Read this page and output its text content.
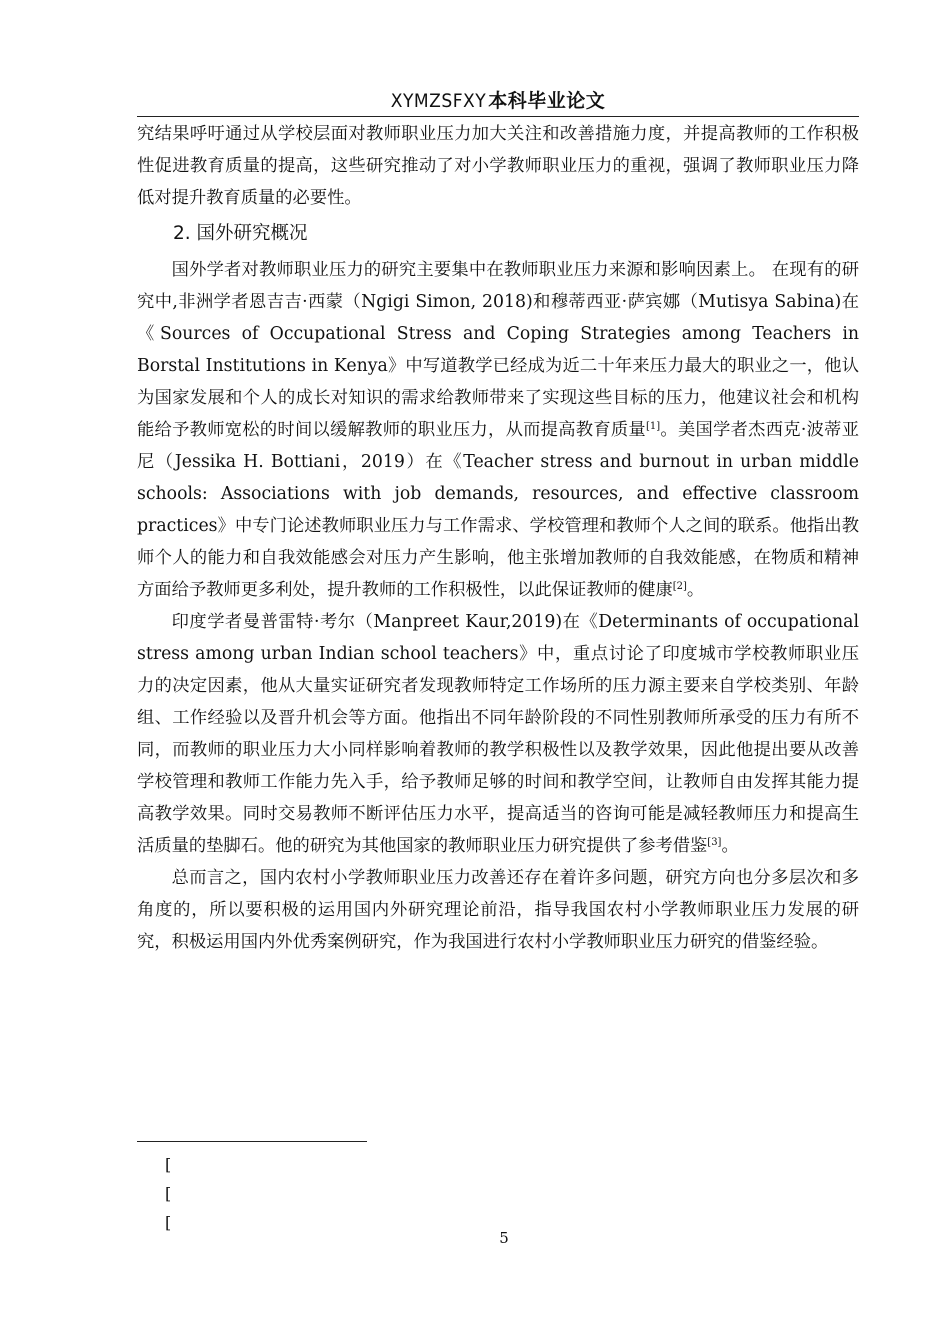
XYMZSFXY 本科毕业论文

究结果呼吁通过从学校层面对教师职业压力加大关注和改善措施力度，并提高教师的工作积极性促进教育质量的提高，这些研究推动了对小学教师职业压力的重视，强调了教师职业压力降低对提升教育质量的必要性。

2. 国外研究概况

国外学者对教师职业压力的研究主要集中在教师职业压力来源和影响因素上。 在现有的研究中,非洲学者恩吉吉·西蒙（Ngigi Simon, 2018)和穆蒂西亚·萨宾娜（Mutisya Sabina)在《Sources of Occupational Stress and Coping Strategies among Teachers in Borstal Institutions in Kenya》中写道教学已经成为近二十年来压力最大的职业之一，他认为国家发展和个人的成长对知识的需求给教师带来了实现这些目标的压力，他建议社会和机构能给予教师宽松的时间以缓解教师的职业压力，从而提高教育质量[1]。美国学者杰西克·波蒂亚尼（Jessika H. Bottiani，2019）在《Teacher stress and burnout in urban middle schools: Associations with job demands, resources, and effective classroom practices》中专门论述教师职业压力与工作需求、学校管理和教师个人之间的联系。他指出教师个人的能力和自我效能感会对压力产生影响，他主张增加教师的自我效能感，在物质和精神方面给予教师更多利处，提升教师的工作积极性，以此保证教师的健康[2]。

印度学者曼普雷特·考尔（Manpreet Kaur,2019)在《Determinants of occupational stress among urban Indian school teachers》中，重点讨论了印度城市学校教师职业压力的决定因素，他从大量实证研究者发现教师特定工作场所的压力源主要来自学校类别、年龄组、工作经验以及晋升机会等方面。他指出不同年龄阶段的不同性别教师所承受的压力有所不同，而教师的职业压力大小同样影响着教师的教学积极性以及教学效果，因此他提出要从改善学校管理和教师工作能力先入手，给予教师足够的时间和教学空间，让教师自由发挥其能力提高教学效果。同时交易教师不断评估压力水平，提高适当的咨询可能是减轻教师压力和提高生活质量的垫脚石。他的研究为其他国家的教师职业压力研究提供了参考借鉴[3]。

总而言之，国内农村小学教师职业压力改善还存在着许多问题，研究方向也分多层次和多角度的，所以要积极的运用国内外研究理论前沿，指导我国农村小学教师职业压力发展的研究，积极运用国内外优秀案例研究，作为我国进行农村小学教师职业压力研究的借鉴经验。

[
[
[
5
